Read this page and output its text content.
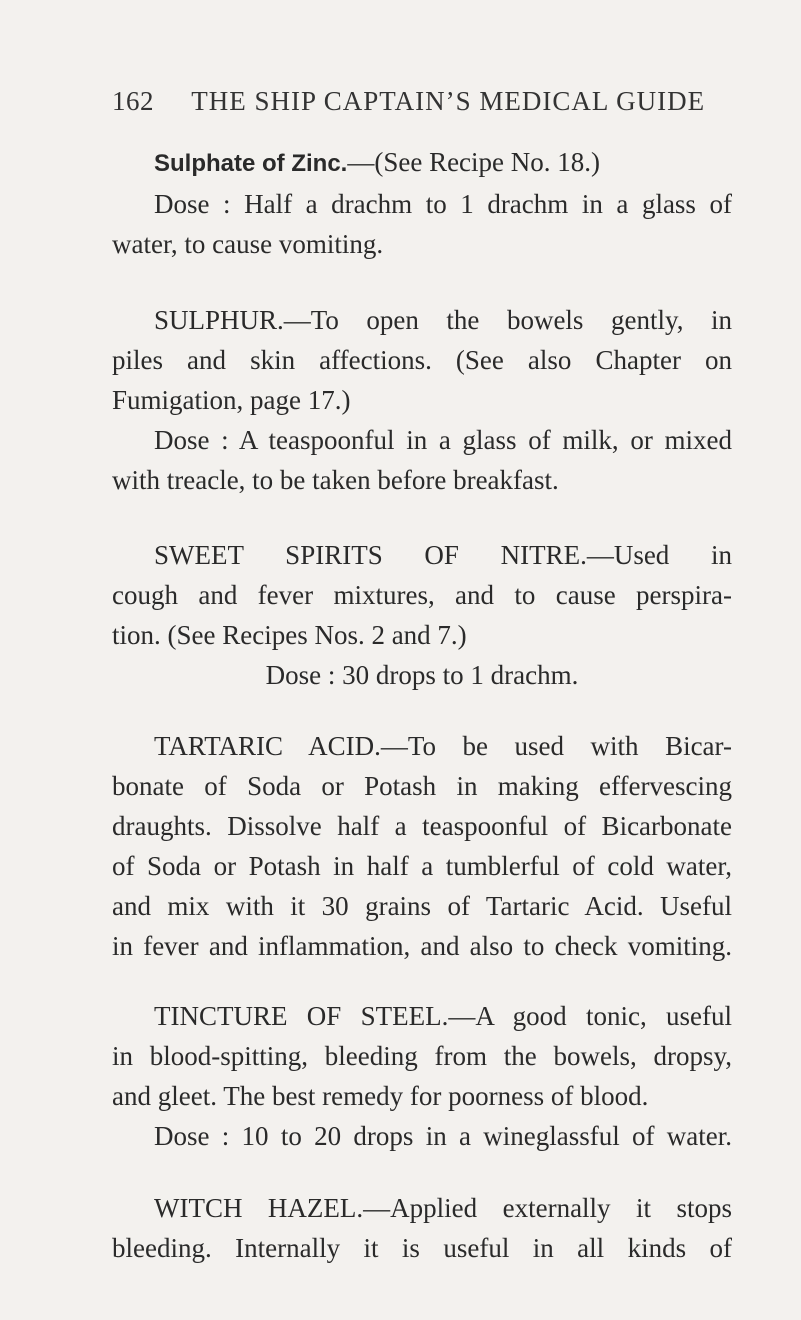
162 THE SHIP CAPTAIN’S MEDICAL GUIDE
Sulphate of Zinc.—(See Recipe No. 18.)
Dose : Half a drachm to 1 drachm in a glass of
water, to cause vomiting.
SULPHUR.—To open the bowels gently, in
piles and skin affections. (See also Chapter on
Fumigation, page 17.)
Dose : A teaspoonful in a glass of milk, or mixed
with treacle, to be taken before breakfast.
SWEET SPIRITS OF NITRE.—Used in
cough and fever mixtures, and to cause perspira-
tion. (See Recipes Nos. 2 and 7.)
Dose : 30 drops to 1 drachm.
TARTARIC ACID.—To be used with Bicar-
bonate of Soda or Potash in making effervescing
draughts. Dissolve half a teaspoonful of Bicarbonate
of Soda or Potash in half a tumblerful of cold water,
and mix with it 30 grains of Tartaric Acid. Useful
in fever and inflammation, and also to check vomiting.
TINCTURE OF STEEL.—A good tonic, useful
in blood-spitting, bleeding from the bowels, dropsy,
and gleet. The best remedy for poorness of blood.
Dose : 10 to 20 drops in a wineglassful of water.
WITCH HAZEL.—Applied externally it stops
bleeding. Internally it is useful in all kinds of
